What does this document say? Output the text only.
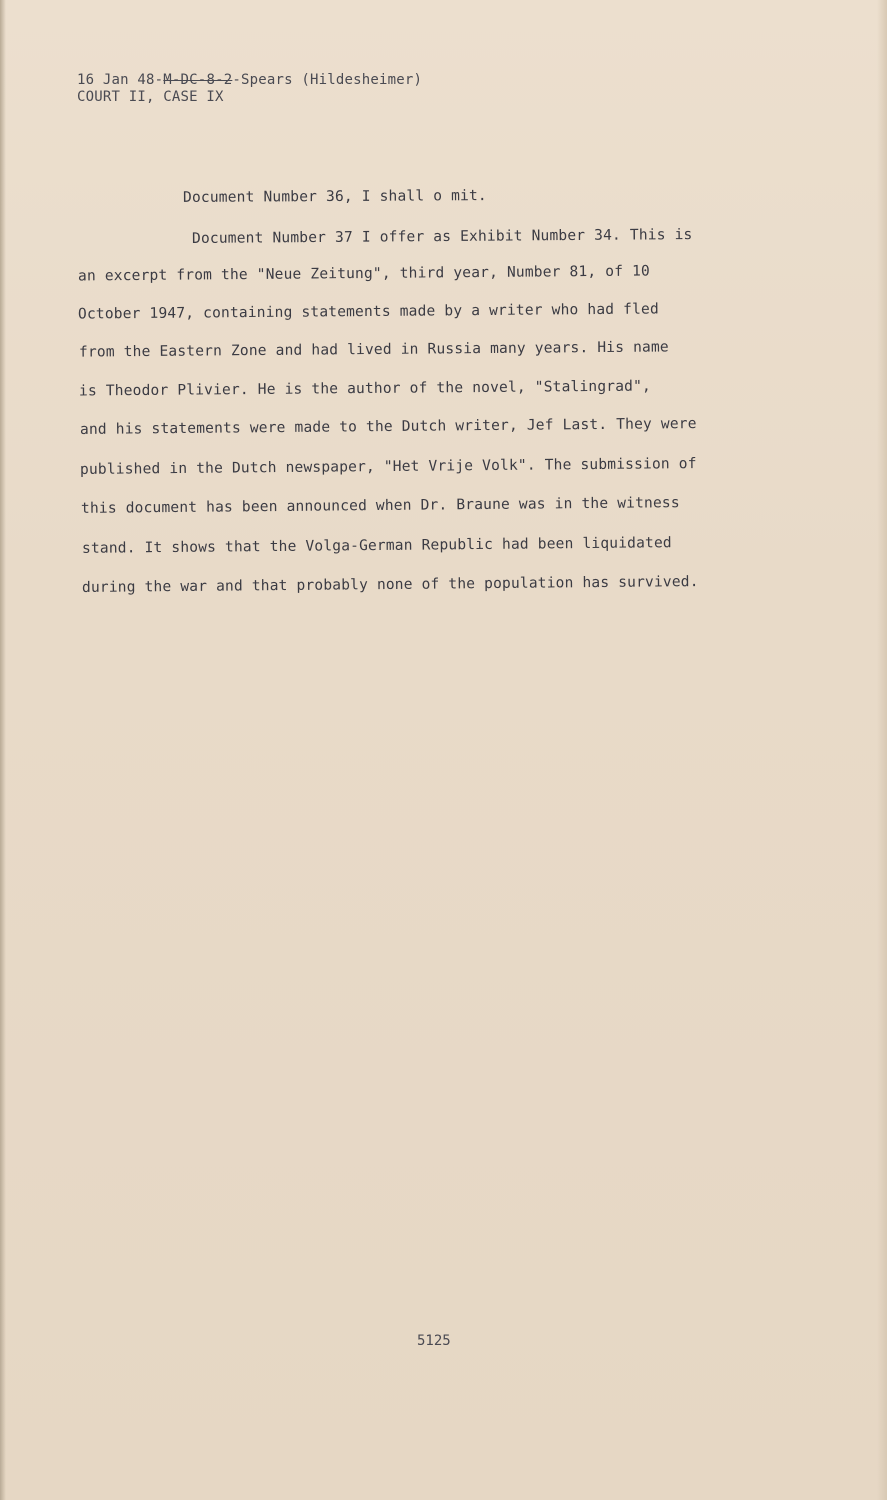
16 Jan 48-M-DC-8-2-Spears (Hildesheimer)
COURT II, CASE IX
Document Number 36, I shall o mit.
Document Number 37 I offer as Exhibit Number 34. This is
an excerpt from the "Neue Zeitung", third year, Number 81, of 10
October 1947, containing statements made by a writer who had fled
from the Eastern Zone and had lived in Russia many years. His name
is Theodor Plivier. He is the author of the novel, "Stalingrad",
and his statements were made to the Dutch writer, Jef Last. They were
published in the Dutch newspaper, "Het Vrije Volk". The submission of
this document has been announced when Dr. Braune was in the witness
stand. It shows that the Volga-German Republic had been liquidated
during the war and that probably none of the population has survived.
5125
